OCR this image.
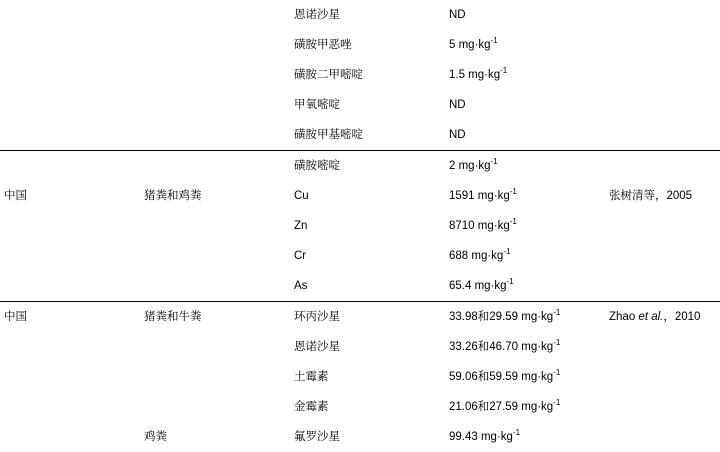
		恩诺沙星	ND	

		磺胺甲恶唑	5 $mg\cdot kg^{-1}$

		磺胺二甲嘧啶	1.5 $mg\cdot kg^{-1}$

		甲氧嘧啶	ND	

		磺胺甲基嘧啶	ND	

		磺胺嘧啶	2 $mg\cdot kg^{-1}$

中国	猪粪和鸡粪	Cu	1591 $mg\cdot kg^{-1}$	张树清等，2005

		Zn	8710 $mg\cdot kg^{-1}$

		Cr	688 $mg\cdot kg^{-1}$

		As	65.4 $mg\cdot kg^{-1}$

中国	猪粪和牛粪	环丙沙星	33.98和29.59 $mg\cdot kg^{-1}$	Zhao et al.，2010

		恩诺沙星	33.26和46.70 $mg\cdot kg^{-1}$

		土霉素	59.06和59.59 $mg\cdot kg^{-1}$

		金霉素	21.06和27.59 $mg\cdot kg^{-1}$

	鸡粪	氟罗沙星	99.43 $mg\cdot kg^{-1}$
